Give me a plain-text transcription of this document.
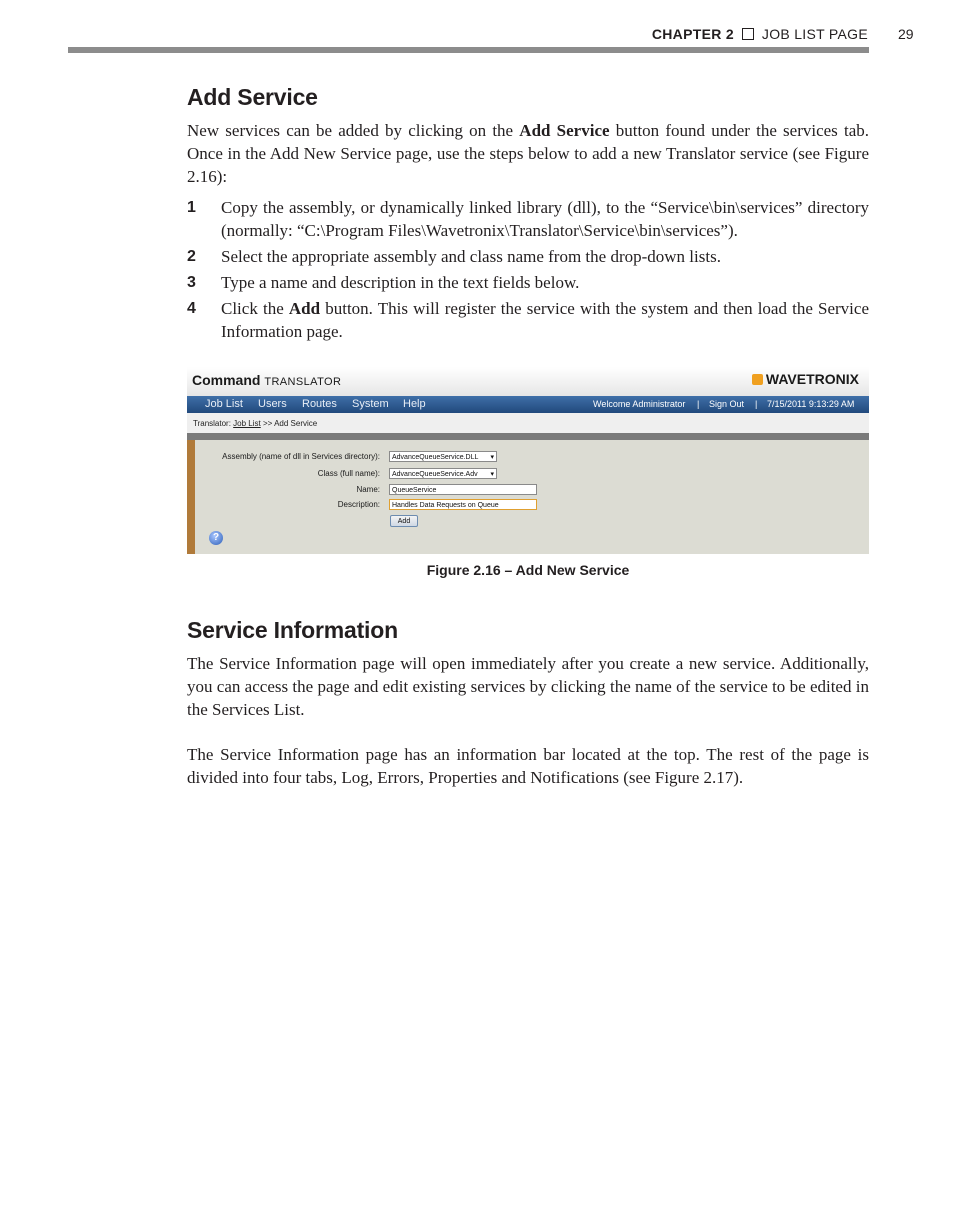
CHAPTER 2 JOB LIST PAGE 29
Add Service

New services can be added by clicking on the Add Service button found under the services tab. Once in the Add New Service page, use the steps below to add a new Translator service (see Figure 2.16):

1 Copy the assembly, or dynamically linked library (dll), to the “Service\bin\services” directory (normally: “C:\Program Files\Wavetronix\Translator\Service\bin\services”).
2 Select the appropriate assembly and class name from the drop-down lists.
3 Type a name and description in the text fields below.
4 Click the Add button. This will register the service with the system and then load the Service Information page.
Command TRANSLATOR	WAVETRONIX
Job List Users Routes System Help	Welcome Administrator | Sign Out | 7/15/2011 9:13:29 AM
Translator: Job List >> Add Service
Assembly (name of dll in Services directory):	AdvanceQueueService.DLL ▾
Class (full name):	AdvanceQueueService.Adv ▾
Name:	QueueService
Description:	Handles Data Requests on Queue
Add
?
Figure 2.16 – Add New Service
Service Information

The Service Information page will open immediately after you create a new service. Additionally, you can access the page and edit existing services by clicking the name of the service to be edited in the Services List.

The Service Information page has an information bar located at the top. The rest of the page is divided into four tabs, Log, Errors, Properties and Notifications (see Figure 2.17).
